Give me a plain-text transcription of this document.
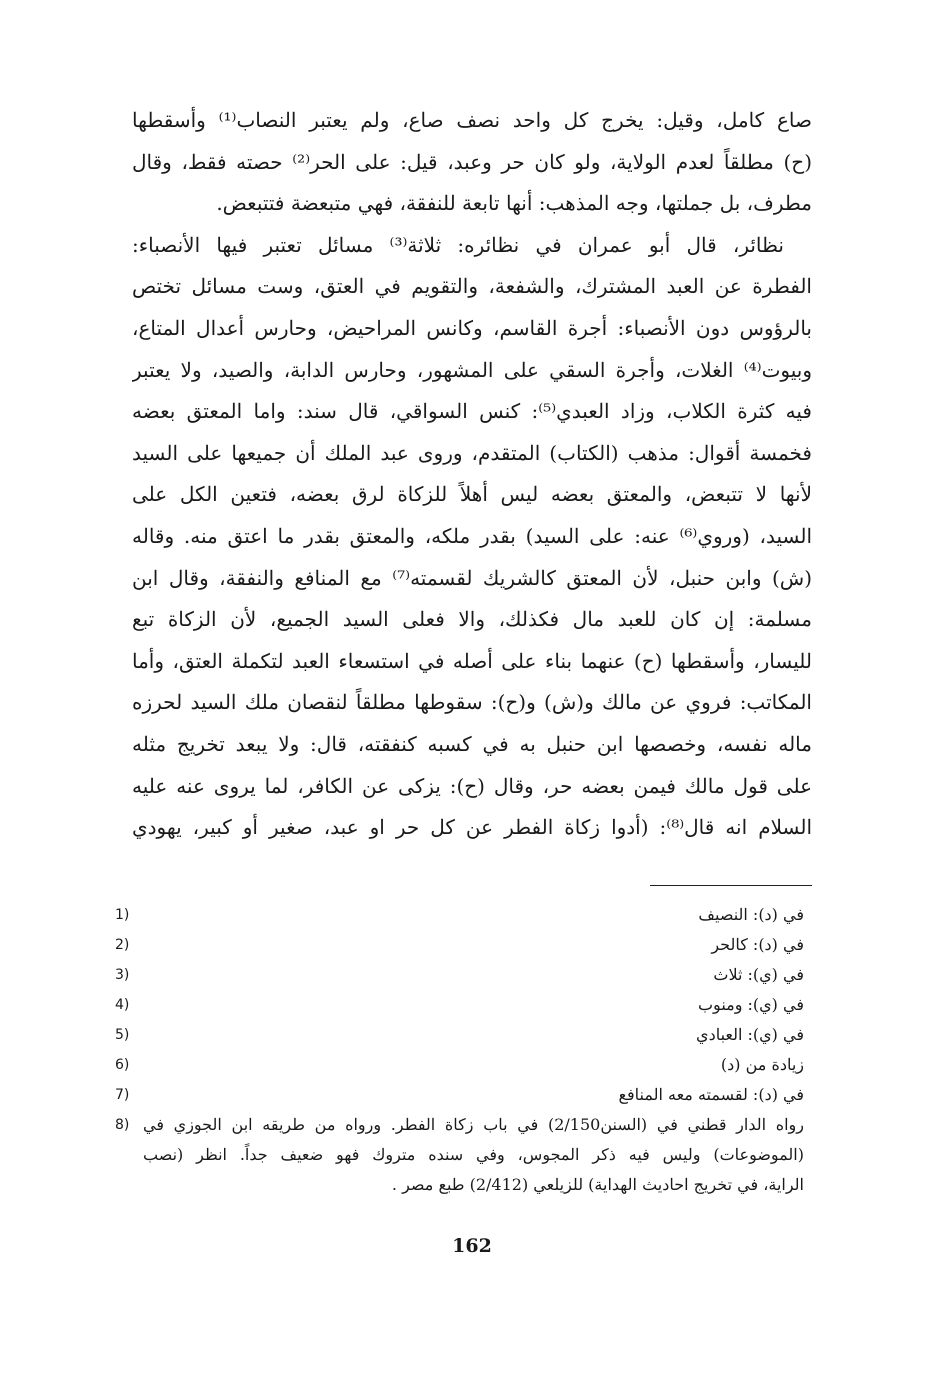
صاع كامل، وقيل: يخرج كل واحد نصف صاع، ولم يعتبر النصاب⁽¹⁾ وأسقطها
(ح) مطلقاً لعدم الولاية، ولو كان حر وعبد، قيل: على الحر⁽²⁾ حصته فقط، وقال
مطرف، بل جملتها، وجه المذهب: أنها تابعة للنفقة، فهي متبعضة فتتبعض.
نظائر، قال أبو عمران في نظائره: ثلاثة⁽³⁾ مسائل تعتبر فيها الأنصباء:
الفطرة عن العبد المشترك، والشفعة، والتقويم في العتق، وست مسائل تختص
بالرؤوس دون الأنصباء: أجرة القاسم، وكانس المراحيض، وحارس أعدال المتاع،
وبيوت⁽⁴⁾ الغلات، وأجرة السقي على المشهور، وحارس الدابة، والصيد، ولا يعتبر
فيه كثرة الكلاب، وزاد العبدي⁽⁵⁾: كنس السواقي، قال سند: واما المعتق بعضه
فخمسة أقوال: مذهب (الكتاب) المتقدم، وروى عبد الملك أن جميعها على السيد
لأنها لا تتبعض، والمعتق بعضه ليس أهلاً للزكاة لرق بعضه، فتعين الكل على
السيد، (وروي⁽⁶⁾ عنه: على السيد) بقدر ملكه، والمعتق بقدر ما اعتق منه. وقاله
(ش) وابن حنبل، لأن المعتق كالشريك لقسمته⁽⁷⁾ مع المنافع والنفقة، وقال ابن
مسلمة: إن كان للعبد مال فكذلك، والا فعلى السيد الجميع، لأن الزكاة تبع
لليسار، وأسقطها (ح) عنهما بناء على أصله في استسعاء العبد لتكملة العتق، وأما
المكاتب: فروي عن مالك و(ش) و(ح): سقوطها مطلقاً لنقصان ملك السيد لحرزه
ماله نفسه، وخصصها ابن حنبل به في كسبه كنفقته، قال: ولا يبعد تخريج مثله
على قول مالك فيمن بعضه حر، وقال (ح): يزكى عن الكافر، لما يروى عنه عليه
السلام انه قال⁽⁸⁾: (أدوا زكاة الفطر عن كل حر او عبد، صغير أو كبير، يهودي
في (د): النصيف
1)
في (د): كالحر
2)
في (ي): ثلاث
3)
في (ي): ومنوب
4)
في (ي): العبادي
5)
زيادة من (د)
6)
في (د): لقسمته معه المنافع
7)
رواه الدار قطني في (السنن2/150) في باب زكاة الفطر. ورواه من طريقه ابن الجوزي في
(الموضوعات) وليس فيه ذكر المجوس، وفي سنده متروك فهو ضعيف جداً. انظر (نصب
الراية، في تخريج احاديث الهداية) للزيلعي (2/412) طبع مصر .
8)
162
